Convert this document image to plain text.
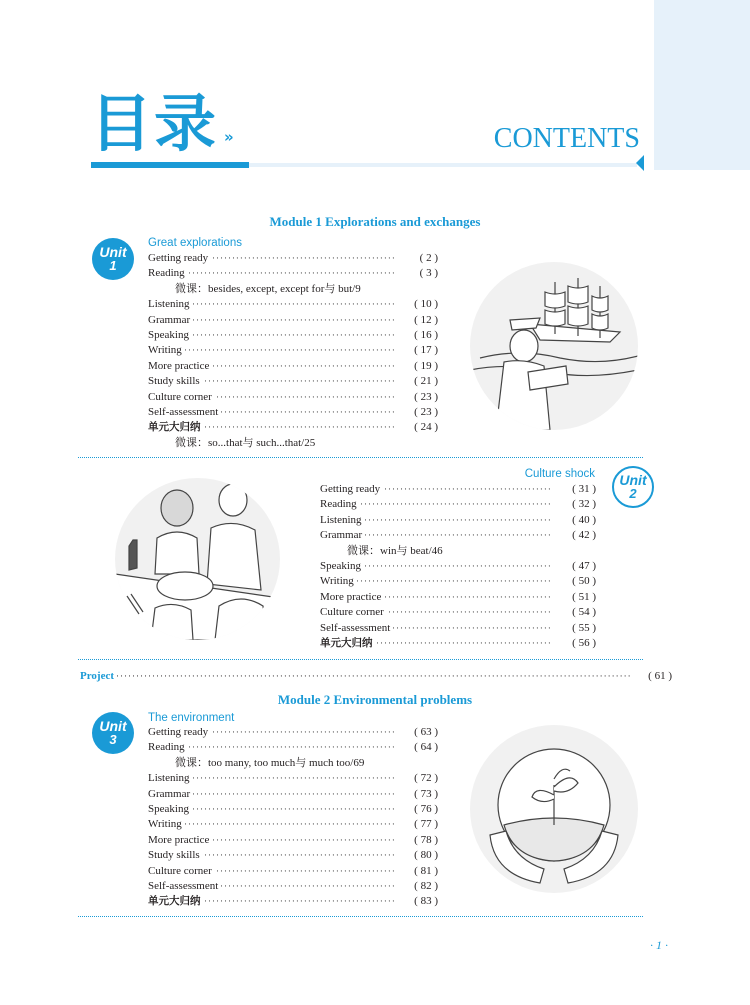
目录 »	CONTENTS
Module 1 Explorations and exchanges
Unit
1
Great explorations
·····
Getting ready	( 2 )
·····
Reading	( 3 )
微课：besides, except, except for与 but/9
·····
Listening	( 10 )
·····
Grammar	( 12 )
·····
Speaking	( 16 )
·····
Writing	( 17 )
·····
More practice	( 19 )
·····
Study skills	( 21 )
·····
Culture corner	( 23 )
·····
Self-assessment	( 23 )
·····
单元大归纳	( 24 )
微课：so...that与 such...that/25
Culture shock	Unit
2
·····
Getting ready	( 31 )
·····
Reading	( 32 )
·····
Listening	( 40 )
·····
Grammar	( 42 )
微课：win与 beat/46
·····
Speaking	( 47 )
·····
Writing	( 50 )
·····
More practice	( 51 )
·····
Culture corner	( 54 )
·····
Self-assessment	( 55 )
·····
单元大归纳	( 56 )
·····
Project	( 61 )
Module 2 Environmental problems
Unit
3
The environment
·····
Getting ready	( 63 )
·····
Reading	( 64 )
微课：too many, too much与 much too/69
·····
Listening	( 72 )
·····
Grammar	( 73 )
·····
Speaking	( 76 )
·····
Writing	( 77 )
·····
More practice	( 78 )
·····
Study skills	( 80 )
·····
Culture corner	( 81 )
·····
Self-assessment	( 82 )
·····
单元大归纳	( 83 )
· 1 ·
